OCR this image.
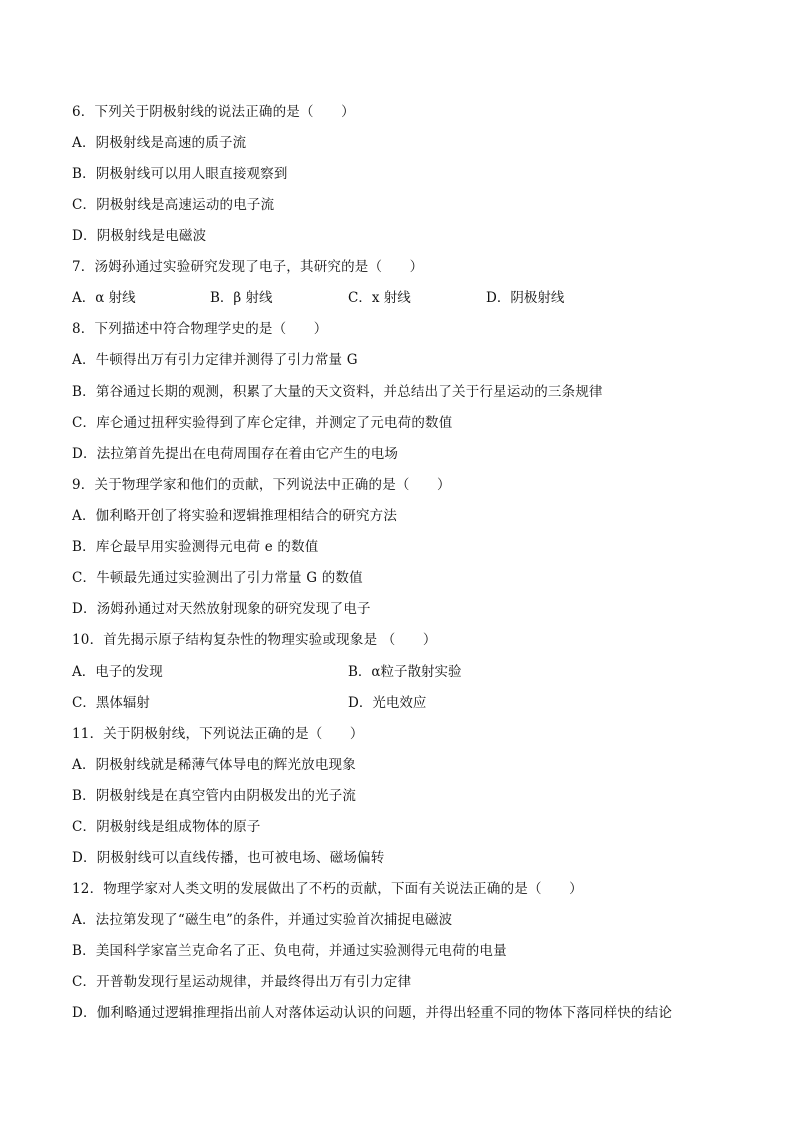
6．下列关于阴极射线的说法正确的是（　　）
A．阴极射线是高速的质子流
B．阴极射线可以用人眼直接观察到
C．阴极射线是高速运动的电子流
D．阴极射线是电磁波
7．汤姆孙通过实验研究发现了电子，其研究的是（　　）
A．α 射线	B．β 射线	C．x 射线	D．阴极射线
8．下列描述中符合物理学史的是（　　）
A．牛顿得出万有引力定律并测得了引力常量 G
B．第谷通过长期的观测，积累了大量的天文资料，并总结出了关于行星运动的三条规律
C．库仑通过扭秤实验得到了库仑定律，并测定了元电荷的数值
D．法拉第首先提出在电荷周围存在着由它产生的电场
9．关于物理学家和他们的贡献，下列说法中正确的是（　　）
A．伽利略开创了将实验和逻辑推理相结合的研究方法
B．库仑最早用实验测得元电荷 e 的数值
C．牛顿最先通过实验测出了引力常量 G 的数值
D．汤姆孙通过对天然放射现象的研究发现了电子
10．首先揭示原子结构复杂性的物理实验或现象是 （　　）
A．电子的发现	B．α粒子散射实验
C．黑体辐射	D．光电效应
11．关于阴极射线，下列说法正确的是（　　）
A．阴极射线就是稀薄气体导电的辉光放电现象
B．阴极射线是在真空管内由阴极发出的光子流
C．阴极射线是组成物体的原子
D．阴极射线可以直线传播，也可被电场、磁场偏转
12．物理学家对人类文明的发展做出了不朽的贡献，下面有关说法正确的是（　　）
A．法拉第发现了“磁生电”的条件，并通过实验首次捕捉电磁波
B．美国科学家富兰克命名了正、负电荷，并通过实验测得元电荷的电量
C．开普勒发现行星运动规律，并最终得出万有引力定律
D．伽利略通过逻辑推理指出前人对落体运动认识的问题，并得出轻重不同的物体下落同样快的结论
